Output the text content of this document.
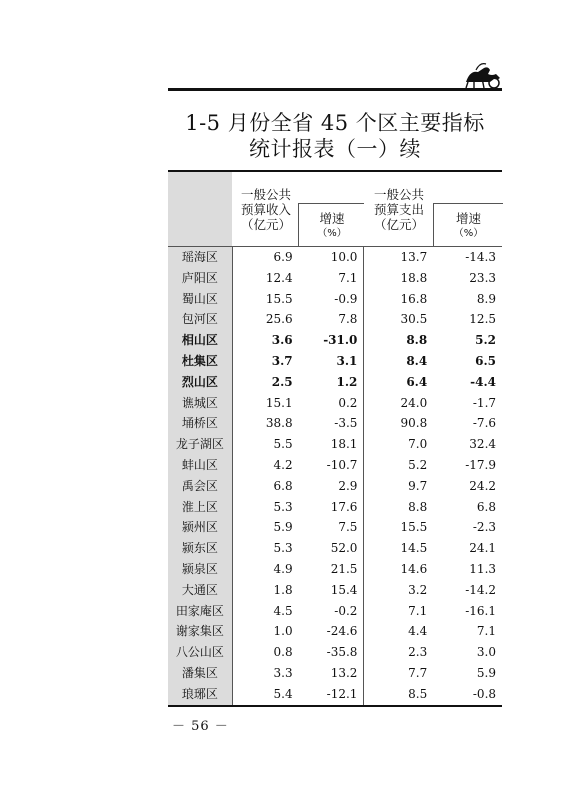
1-5 月份全省 45 个区主要指标
统计报表（一）续
一般公共
预算收入
（亿元）	增速
（%）
一般公共
预算支出
（亿元）	增速
（%）
瑶海区	6.9	10.0	13.7	-14.3
庐阳区	12.4	7.1	18.8	23.3
蜀山区	15.5	-0.9	16.8	8.9
包河区	25.6	7.8	30.5	12.5
相山区	3.6	-31.0	8.8	5.2
杜集区	3.7	3.1	8.4	6.5
烈山区	2.5	1.2	6.4	-4.4
谯城区	15.1	0.2	24.0	-1.7
埇桥区	38.8	-3.5	90.8	-7.6
龙子湖区	5.5	18.1	7.0	32.4
蚌山区	4.2	-10.7	5.2	-17.9
禹会区	6.8	2.9	9.7	24.2
淮上区	5.3	17.6	8.8	6.8
颍州区	5.9	7.5	15.5	-2.3
颍东区	5.3	52.0	14.5	24.1
颍泉区	4.9	21.5	14.6	11.3
大通区	1.8	15.4	3.2	-14.2
田家庵区	4.5	-0.2	7.1	-16.1
谢家集区	1.0	-24.6	4.4	7.1
八公山区	0.8	-35.8	2.3	3.0
潘集区	3.3	13.2	7.7	5.9
琅琊区	5.4	-12.1	8.5	-0.8
－ 56 －
